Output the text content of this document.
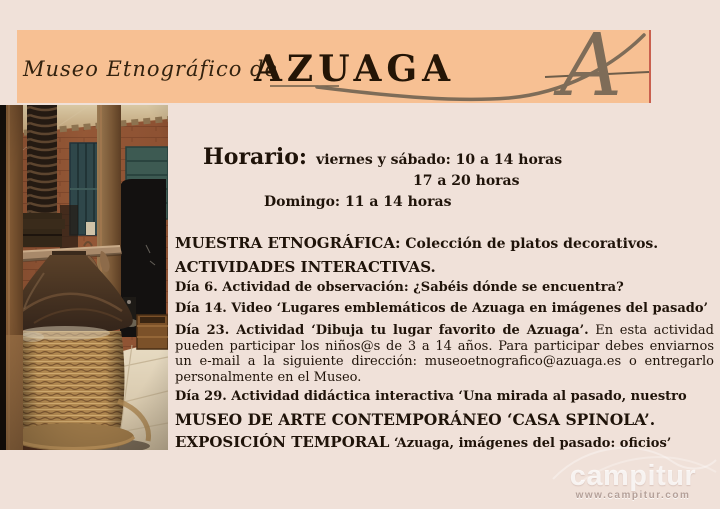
A
Museo Etnográfico de
AZUAGA
Horario: viernes y sábado: 10 a 14 horas
17 a 20 horas
Domingo: 11 a 14 horas
MUESTRA ETNOGRÁFICA: Colección de platos decorativos.
ACTIVIDADES INTERACTIVAS.
Día 6. Actividad de observación: ¿Sabéis dónde se encuentra?
Día 14. Video ‘Lugares emblemáticos de Azuaga en imágenes del pasado’
Día 23. Actividad ‘Dibuja tu lugar favorito de Azuaga’. En esta actividad pueden participar los niños@s de 3 a 14 años. Para participar debes enviarnos un e-mail a la siguiente dirección: museoetnografico@azuaga.es o entregarlo personalmente en el Museo.
Día 29. Actividad didáctica interactiva ‘Una mirada al pasado, nuestro
MUSEO DE ARTE CONTEMPORÁNEO ‘CASA SPINOLA’.
EXPOSICIÓN TEMPORAL ‘Azuaga, imágenes del pasado: oficios’
campitur
www.campitur.com
